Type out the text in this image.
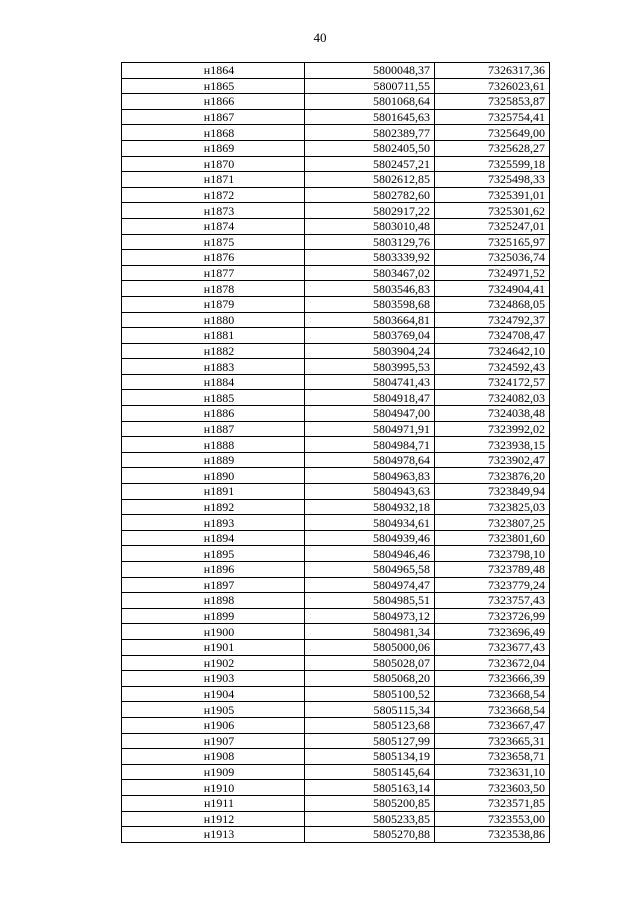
40
н1864	5800048,37	7326317,36
н1865	5800711,55	7326023,61
н1866	5801068,64	7325853,87
н1867	5801645,63	7325754,41
н1868	5802389,77	7325649,00
н1869	5802405,50	7325628,27
н1870	5802457,21	7325599,18
н1871	5802612,85	7325498,33
н1872	5802782,60	7325391,01
н1873	5802917,22	7325301,62
н1874	5803010,48	7325247,01
н1875	5803129,76	7325165,97
н1876	5803339,92	7325036,74
н1877	5803467,02	7324971,52
н1878	5803546,83	7324904,41
н1879	5803598,68	7324868,05
н1880	5803664,81	7324792,37
н1881	5803769,04	7324708,47
н1882	5803904,24	7324642,10
н1883	5803995,53	7324592,43
н1884	5804741,43	7324172,57
н1885	5804918,47	7324082,03
н1886	5804947,00	7324038,48
н1887	5804971,91	7323992,02
н1888	5804984,71	7323938,15
н1889	5804978,64	7323902,47
н1890	5804963,83	7323876,20
н1891	5804943,63	7323849,94
н1892	5804932,18	7323825,03
н1893	5804934,61	7323807,25
н1894	5804939,46	7323801,60
н1895	5804946,46	7323798,10
н1896	5804965,58	7323789,48
н1897	5804974,47	7323779,24
н1898	5804985,51	7323757,43
н1899	5804973,12	7323726,99
н1900	5804981,34	7323696,49
н1901	5805000,06	7323677,43
н1902	5805028,07	7323672,04
н1903	5805068,20	7323666,39
н1904	5805100,52	7323668,54
н1905	5805115,34	7323668,54
н1906	5805123,68	7323667,47
н1907	5805127,99	7323665,31
н1908	5805134,19	7323658,71
н1909	5805145,64	7323631,10
н1910	5805163,14	7323603,50
н1911	5805200,85	7323571,85
н1912	5805233,85	7323553,00
н1913	5805270,88	7323538,86
